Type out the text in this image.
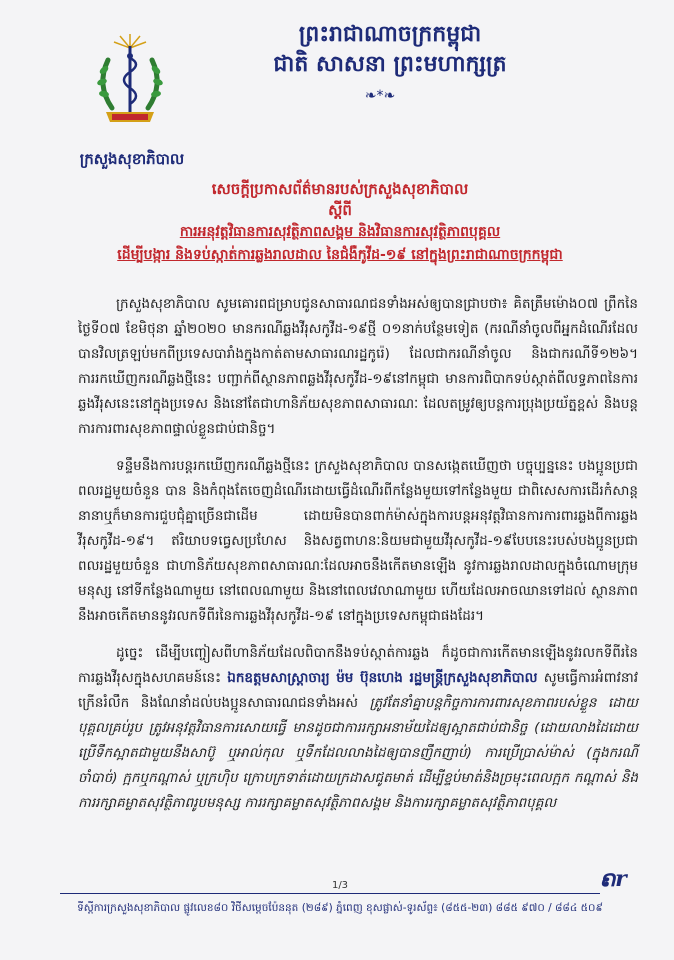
ក្រសួងសុខាភិបាល
ព្រះរាជាណាចក្រកម្ពុជា
ជាតិ សាសនា ព្រះមហាក្សត្រ
❧*❧
សេចក្តីប្រកាសព័ត៌មានរបស់ក្រសួងសុខាភិបាល
ស្តីពី
ការអនុវត្តវិធានការសុវត្ថិភាពសង្គម និងវិធានការសុវត្ថិភាពបុគ្គល
ដើម្បីបង្ការ និងទប់ស្កាត់ការឆ្លងរាលដាល នៃជំងឺកូវីដ-១៩ នៅក្នុងព្រះរាជាណាចក្រកម្ពុជា

ក្រសួងសុខាភិបាល សូមគោរពជម្រាបជូនសាធារណជនទាំងអស់ឲ្យបានជ្រាបថា៖ គិតត្រឹមម៉ោង០៧ ព្រឹកនៃថ្ងៃទី០៧ ខែមិថុនា ឆ្នាំ២០២០ មានករណីឆ្លងវីរុសកូវីដ-១៩ថ្មី ០១នាក់បន្ថែមទៀត (ករណីនាំចូលពីអ្នកដំណើរដែលបានវិលត្រឡប់មកពីប្រទេសបារាំងក្នុងកាត់តាមសាធារណរដ្ឋកូរ៉េ) ដែលជាករណីនាំចូល និងជាករណីទី១២៦។ ការរកឃើញករណីឆ្លងថ្មីនេះ បញ្ជាក់ពីស្ថានភាពឆ្លងវីរុសកូវីដ-១៩នៅកម្ពុជា មានការពិបាកទប់ស្កាត់ពីលទ្ធភាពនៃការឆ្លងវីរុសនេះនៅក្នុងប្រទេស និងនៅតែជាហានិភ័យសុខភាពសាធារណៈ ដែលតម្រូវឲ្យបន្តការប្រុងប្រយ័ត្នខ្ពស់ និងបន្តការការពារសុខភាពផ្ទាល់ខ្លួនជាប់ជានិច្ច។

ទន្ទឹមនឹងការបន្តរកឃើញករណីឆ្លងថ្មីនេះ ក្រសួងសុខាភិបាល បានសង្កេតឃើញថា បច្ចុប្បន្ននេះ បងប្អូនប្រជាពលរដ្ឋមួយចំនួន បាន និងកំពុងតែចេញដំណើរដោយធ្វើដំណើរពីកន្លែងមួយទៅកន្លែងមួយ ជាពិសេសការដើរកំសាន្តនានាឬក៏មានការជួបជុំគ្នាច្រើនជាដើម ដោយមិនបានពាក់ម៉ាស់ក្នុងការបន្តអនុវត្តវិធានការការពារឆ្លងពីការឆ្លងវីរុសកូវីដ-១៩។ ឥរិយាបទធ្វេសប្រហែស និងសត្វពាហនៈនិយមជាមួយវីរុសកូវីដ-១៩បែបនេះរបស់បងប្អូនប្រជាពលរដ្ឋមួយចំនួន ជាហានិភ័យសុខភាពសាធារណៈដែលអាចនឹងកើតមានឡើង នូវការឆ្លងរាលដាលក្នុងចំណោមក្រុមមនុស្ស នៅទីកន្លែងណាមួយ នៅពេលណាមួយ និងនៅពេលវេលាណាមួយ ហើយដែលអាចឈានទៅដល់ ស្ថានភាពនឹងអាចកើតមាននូវរលកទីពីរនៃការឆ្លងវីរុសកូវីដ-១៩ នៅក្នុងប្រទេសកម្ពុជាផងដែរ។

ដូច្នេះ ដើម្បីបញ្ចៀសពីហានិភ័យដែលពិបាកនឹងទប់ស្កាត់ការឆ្លង ក៏ដូចជាការកើតមានឡើងនូវរលកទីពីរនៃការឆ្លងវីរុសក្នុងសហគមន៍នេះ ឯកឧត្តមសាស្ត្រាចារ្យ ម៉ម ប៊ុនហេង រដ្ឋមន្ត្រីក្រសួងសុខាភិបាល សូមធ្វើការអំពាវនាវ ក្រើនរំលឹក និងណែនាំដល់បងប្អូនសាធារណជនទាំងអស់ ត្រូវតែនាំគ្នាបន្តកិច្ចការការពារសុខភាពរបស់ខ្លួន ដោយបុគ្គលគ្រប់រូប ត្រូវអនុវត្តវិធានការសោយធ្វើ មានដូចជាការរក្សាអនាម័យដៃឲ្យស្អាតជាប់ជានិច្ច (ដោយលាងដៃដោយប្រើទឹកស្អាតជាមួយនឹងសាប៊ូ ឬអាល់កុល ឬទឹកដែលលាងដៃឲ្យបានញឹកញាប់) ការប្រើប្រាស់ម៉ាស់ (ក្នុងករណីចាំបាច់) ក្អកឬកណ្តាស់ ឬក្រហ៊ិប ក្រោបក្រទាត់ដោយក្រដាសជូតមាត់ ដើម្បីខ្ទប់មាត់និងច្រមុះពេលក្អក កណ្តាស់ និងការរក្សាគម្លាតសុវត្ថិភាពរូបមនុស្ស ការរក្សាគម្លាតសុវត្ថិភាពសង្គម និងការរក្សាគម្លាតសុវត្ថិភាពបុគ្គល

1/3	ຄr
ទីស្តីការក្រសួងសុខាភិបាល ផ្លូវលេខ៨០ វិថីសម្តេចប៉ែននុត (២៨៩) ភ្នំពេញ ខុសផ្លាស់-ទូរស័ព្ទ៖ (៨៥៥-២៣) ៨៨៥ ៩៧០ / ៨៨៤ ៥០៩
